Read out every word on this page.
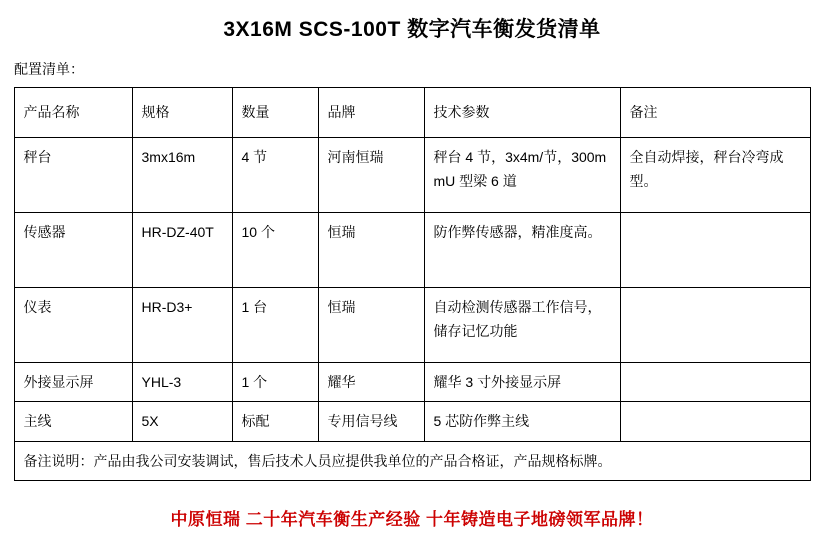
3X16M SCS-100T 数字汽车衡发货清单
配置清单：
产品名称	规格	数量	品牌	技术参数	备注
秤台	3mx16m	4 节	河南恒瑞	秤台 4 节，3x4m/节，300mmU 型梁 6 道	全自动焊接，秤台冷弯成型。
传感器	HR-DZ-40T	10 个	恒瑞	防作弊传感器，精准度高。	
仪表	HR-D3+	1 台	恒瑞	自动检测传感器工作信号，储存记忆功能	
外接显示屏	YHL-3	1 个	耀华	耀华 3 寸外接显示屏	
主线	5X	标配	专用信号线	5 芯防作弊主线	
备注说明：产品由我公司安装调试，售后技术人员应提供我单位的产品合格证，产品规格标牌。					
中原恒瑞 二十年汽车衡生产经验 十年铸造电子地磅领军品牌！
